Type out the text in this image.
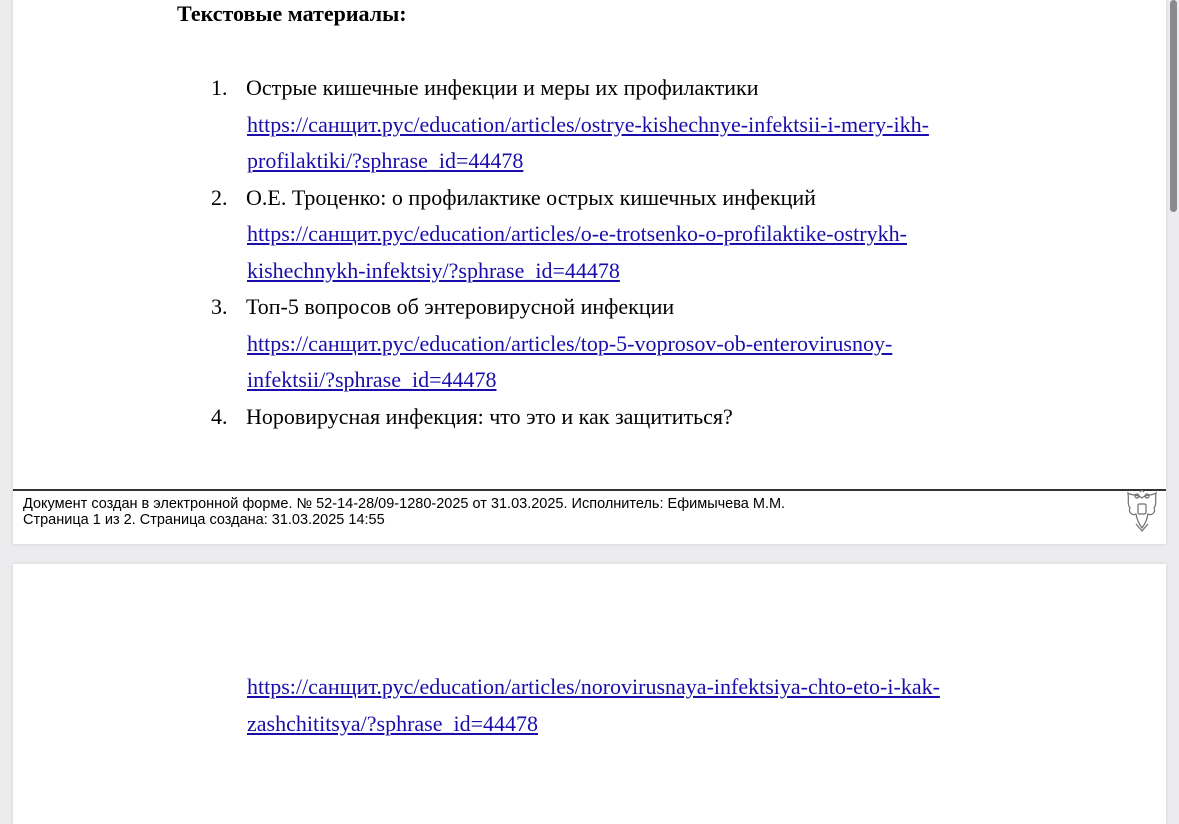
Текстовые материалы:
1. Острые кишечные инфекции и меры их профилактики
https://санщит.рус/education/articles/ostrye-kishechnye-infektsii-i-mery-ikh-
profilaktiki/?sphrase_id=44478
2. О.Е. Троценко: о профилактике острых кишечных инфекций
https://санщит.рус/education/articles/o-e-trotsenko-o-profilaktike-ostrykh-
kishechnykh-infektsiy/?sphrase_id=44478
3. Топ-5 вопросов об энтеровирусной инфекции
https://санщит.рус/education/articles/top-5-voprosov-ob-enterovirusnoy-
infektsii/?sphrase_id=44478
4. Норовирусная инфекция: что это и как защититься?
Документ создан в электронной форме. № 52-14-28/09-1280-2025 от 31.03.2025. Исполнитель: Ефимычева М.М.
Страница 1 из 2. Страница создана: 31.03.2025 14:55
https://санщит.рус/education/articles/norovirusnaya-infektsiya-chto-eto-i-kak-
zashchititsya/?sphrase_id=44478
